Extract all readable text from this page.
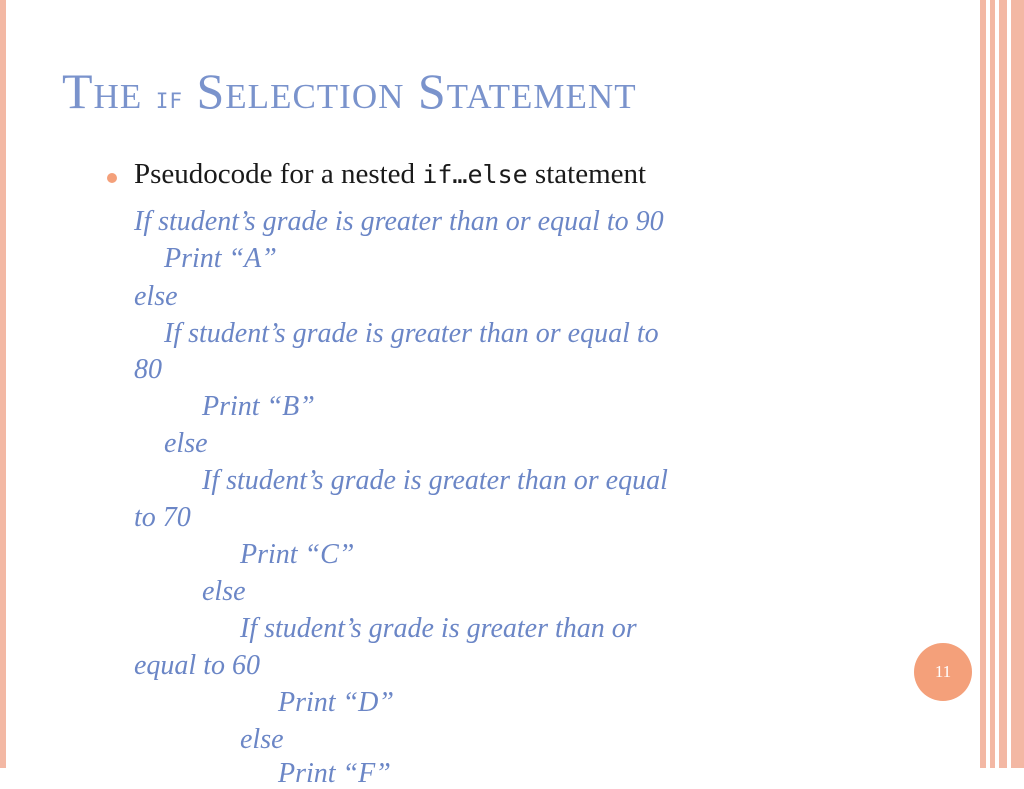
The if Selection Statement
Pseudocode for a nested if…else statement
If student’s grade is greater than or equal to 90
Print “A”
else
If student’s grade is greater than or equal to
80
Print “B”
else
If student’s grade is greater than or equal
to 70
Print “C”
else
If student’s grade is greater than or
equal to 60
Print “D”
else
Print “F”
11
